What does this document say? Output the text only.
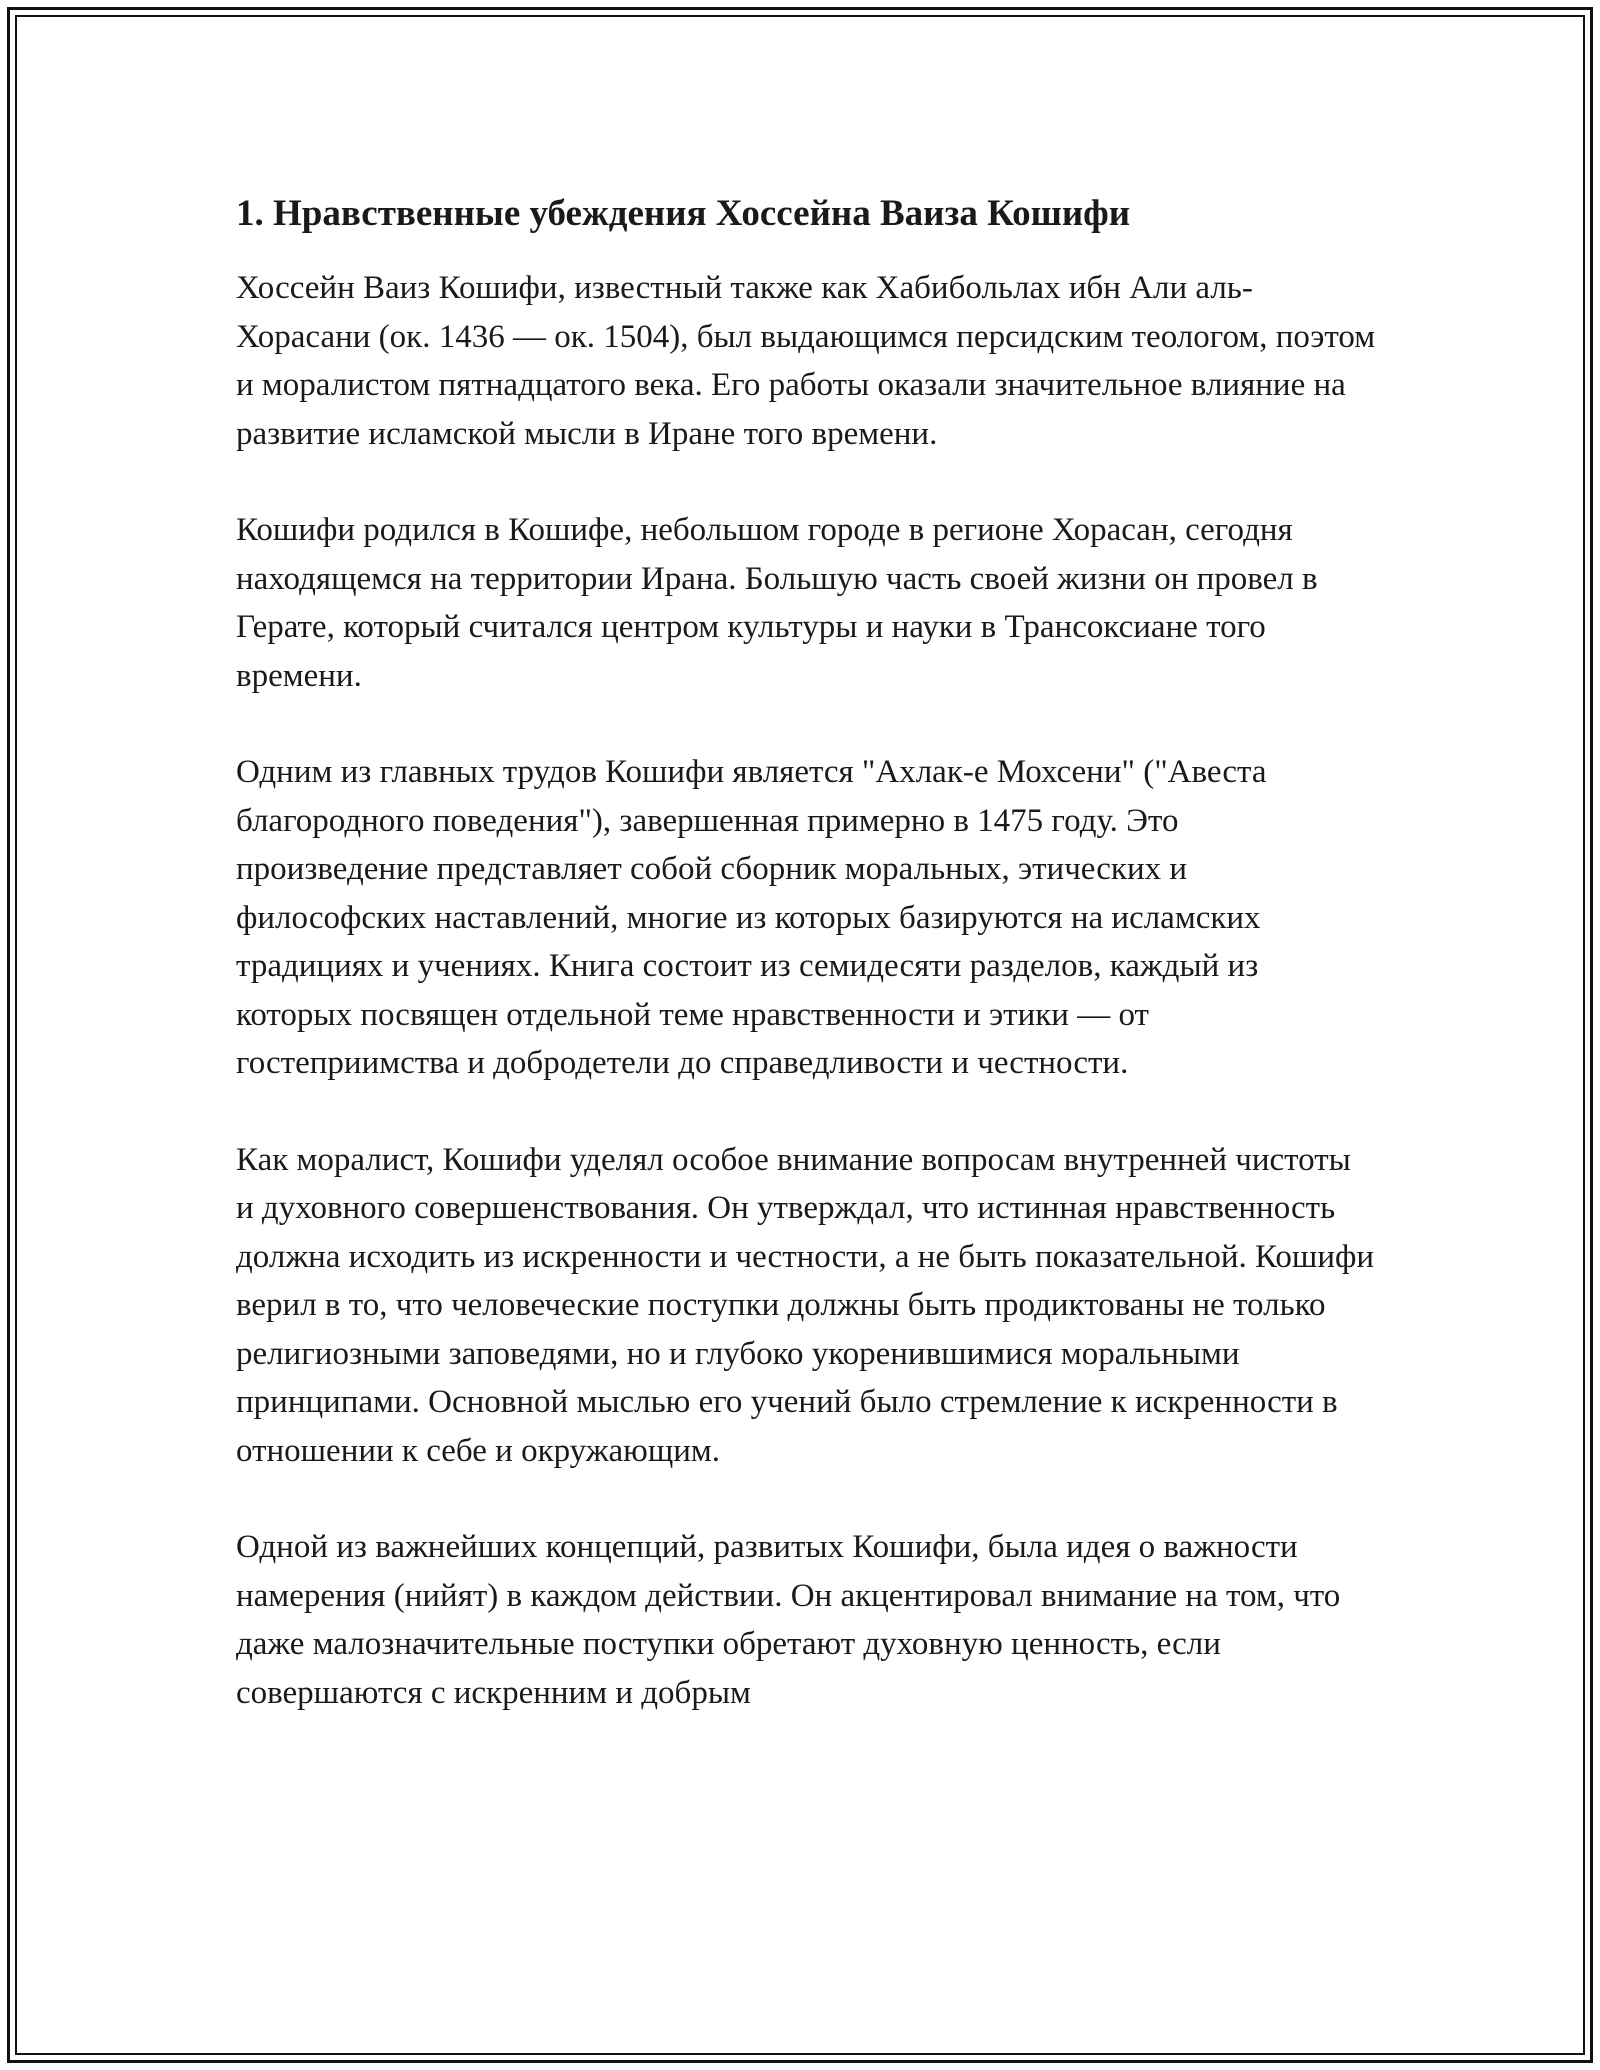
1. Нравственные убеждения Хоссейна Ваиза Кошифи

Хоссейн Ваиз Кошифи, известный также как Хабибольлах ибн Али аль-Хорасани (ок. 1436 — ок. 1504), был выдающимся персидским теологом, поэтом и моралистом пятнадцатого века. Его работы оказали значительное влияние на развитие исламской мысли в Иране того времени.

Кошифи родился в Кошифе, небольшом городе в регионе Хорасан, сегодня находящемся на территории Ирана. Большую часть своей жизни он провел в Герате, который считался центром культуры и науки в Трансоксиане того времени.

Одним из главных трудов Кошифи является "Ахлак-е Мохсени" ("Авеста благородного поведения"), завершенная примерно в 1475 году. Это произведение представляет собой сборник моральных, этических и философских наставлений, многие из которых базируются на исламских традициях и учениях. Книга состоит из семидесяти разделов, каждый из которых посвящен отдельной теме нравственности и этики — от гостеприимства и добродетели до справедливости и честности.

Как моралист, Кошифи уделял особое внимание вопросам внутренней чистоты и духовного совершенствования. Он утверждал, что истинная нравственность должна исходить из искренности и честности, а не быть показательной. Кошифи верил в то, что человеческие поступки должны быть продиктованы не только религиозными заповедями, но и глубоко укоренившимися моральными принципами. Основной мыслью его учений было стремление к искренности в отношении к себе и окружающим.

Одной из важнейших концепций, развитых Кошифи, была идея о важности намерения (нийят) в каждом действии. Он акцентировал внимание на том, что даже малозначительные поступки обретают духовную ценность, если совершаются с искренним и добрым
